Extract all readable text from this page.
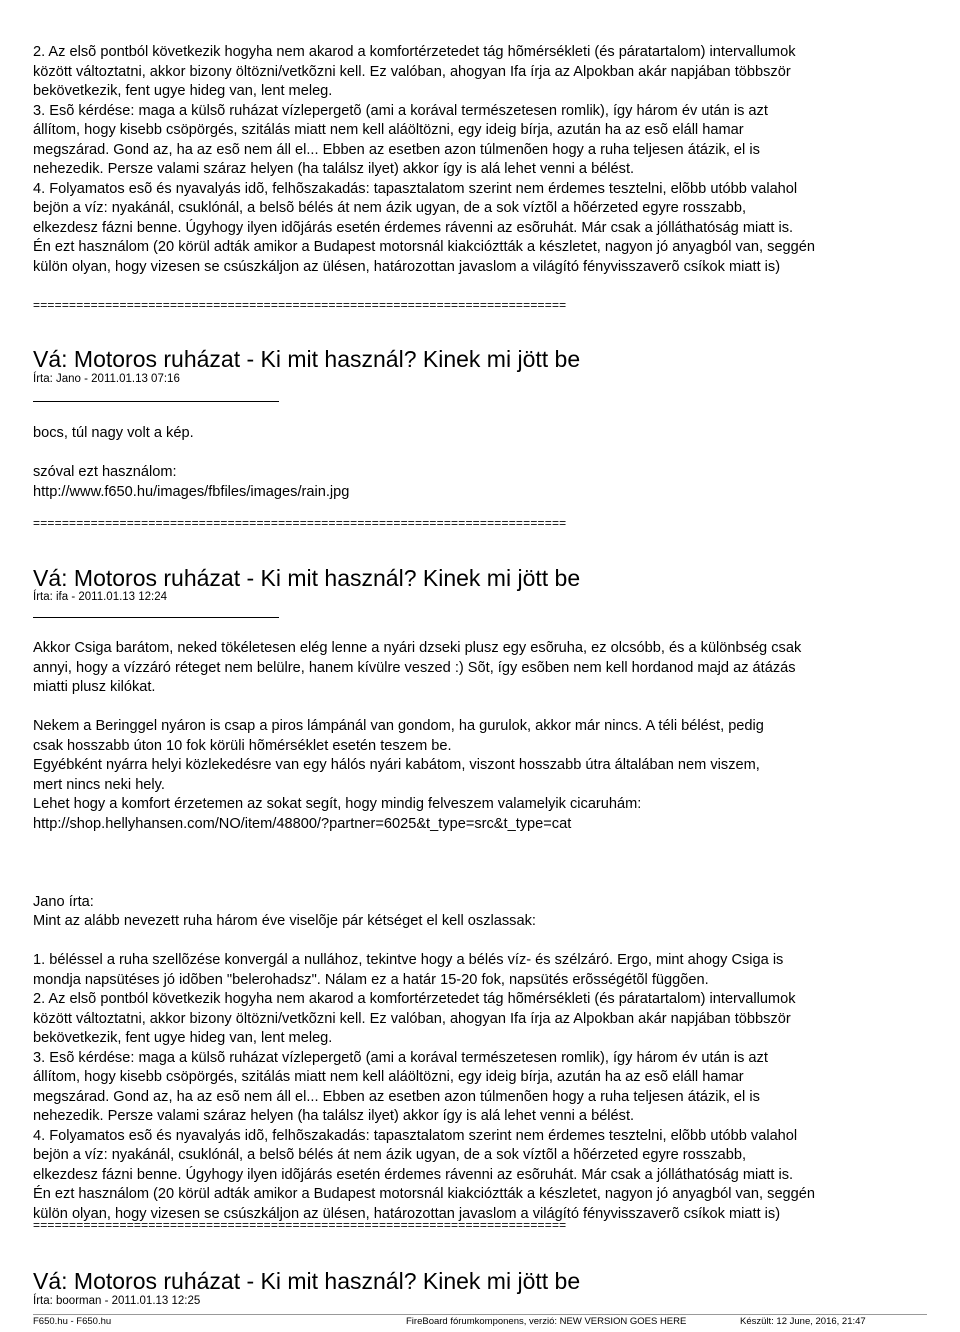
2. Az elsõ pontból következik hogyha nem akarod a komfortérzetedet tág hõmérsékleti (és páratartalom) intervallumok
között változtatni, akkor bizony öltözni/vetkõzni kell. Ez valóban, ahogyan Ifa írja az Alpokban akár napjában többször
bekövetkezik, fent ugye hideg van, lent meleg.
3. Esõ kérdése: maga a külsõ ruházat vízlepergetõ (ami a korával természetesen romlik), így három év után is azt
állítom, hogy kisebb csöpörgés, szitálás miatt nem kell aláöltözni, egy ideig bírja, azután ha az esõ eláll hamar
megszárad. Gond az, ha az esõ nem áll el... Ebben az esetben azon túlmenõen hogy a ruha teljesen átázik, el is
nehezedik. Persze valami száraz helyen (ha találsz ilyet) akkor így is alá lehet venni a bélést.
4. Folyamatos esõ és nyavalyás idõ, felhõszakadás: tapasztalatom szerint nem érdemes tesztelni, elõbb utóbb valahol
bejön a víz: nyakánál, csuklónál, a belsõ bélés át nem ázik ugyan, de a sok víztõl a hõérzeted egyre rosszabb,
elkezdesz fázni benne. Úgyhogy ilyen idõjárás esetén érdemes rávenni az esõruhát. Már csak a jólláthatóság miatt is.
Én ezt használom (20 körül adták amikor a Budapest motorsnál kiakcióztták a készletet, nagyon jó anyagból van, seggén
külön olyan, hogy vizesen se csúszkáljon az ülésen, határozottan javaslom a világító fényvisszaverõ csíkok miatt is)
==========================================================================
Vá: Motoros ruházat - Ki mit használ? Kinek mi jött be
Írta: Jano - 2011.01.13 07:16
bocs, túl nagy volt a kép.
szóval ezt használom:
http://www.f650.hu/images/fbfiles/images/rain.jpg
==========================================================================
Vá: Motoros ruházat - Ki mit használ? Kinek mi jött be
Írta: ifa - 2011.01.13 12:24
Akkor Csiga barátom, neked tökéletesen elég lenne a nyári dzseki plusz egy esõruha, ez olcsóbb, és a különbség csak
annyi, hogy a vízzáró réteget nem belülre, hanem kívülre veszed :) Sõt, így esõben nem kell hordanod majd az átázás
miatti plusz kilókat.
Nekem a Beringgel nyáron is csap a piros lámpánál van gondom, ha gurulok, akkor már nincs. A téli bélést, pedig
csak hosszabb úton 10 fok körüli hõmérséklet esetén teszem be.
Egyébként nyárra helyi közlekedésre van egy hálós nyári kabátom, viszont hosszabb útra általában nem viszem,
mert nincs neki hely.
Lehet hogy a komfort érzetemen az sokat segít, hogy mindig felveszem valamelyik cicaruhám:
http://shop.hellyhansen.com/NO/item/48800/?partner=6025&t_type=src&t_type=cat
Jano írta:
Mint az alább nevezett ruha három éve viselõje pár kétséget el kell oszlassak:
1. béléssel a ruha szellõzése konvergál a nullához, tekintve hogy a bélés víz- és szélzáró. Ergo, mint ahogy Csiga is
mondja napsütéses jó idõben "belerohadsz". Nálam ez a határ 15-20 fok, napsütés erõsségétõl függõen.
2. Az elsõ pontból következik hogyha nem akarod a komfortérzetedet tág hõmérsékleti (és páratartalom) intervallumok
között változtatni, akkor bizony öltözni/vetkõzni kell. Ez valóban, ahogyan Ifa írja az Alpokban akár napjában többször
bekövetkezik, fent ugye hideg van, lent meleg.
3. Esõ kérdése: maga a külsõ ruházat vízlepergetõ (ami a korával természetesen romlik), így három év után is azt
állítom, hogy kisebb csöpörgés, szitálás miatt nem kell aláöltözni, egy ideig bírja, azután ha az esõ eláll hamar
megszárad. Gond az, ha az esõ nem áll el... Ebben az esetben azon túlmenõen hogy a ruha teljesen átázik, el is
nehezedik. Persze valami száraz helyen (ha találsz ilyet) akkor így is alá lehet venni a bélést.
4. Folyamatos esõ és nyavalyás idõ, felhõszakadás: tapasztalatom szerint nem érdemes tesztelni, elõbb utóbb valahol
bejön a víz: nyakánál, csuklónál, a belsõ bélés át nem ázik ugyan, de a sok víztõl a hõérzeted egyre rosszabb,
elkezdesz fázni benne. Úgyhogy ilyen idõjárás esetén érdemes rávenni az esõruhát. Már csak a jólláthatóság miatt is.
Én ezt használom (20 körül adták amikor a Budapest motorsnál kiakcióztták a készletet, nagyon jó anyagból van, seggén
külön olyan, hogy vizesen se csúszkáljon az ülésen, határozottan javaslom a világító fényvisszaverõ csíkok miatt is)
==========================================================================
Vá: Motoros ruházat - Ki mit használ? Kinek mi jött be
Írta: boorman - 2011.01.13 12:25
F650.hu - F650.hu	FireBoard fórumkomponens, verzió: NEW VERSION GOES HERE	Készült: 12 June, 2016, 21:47
